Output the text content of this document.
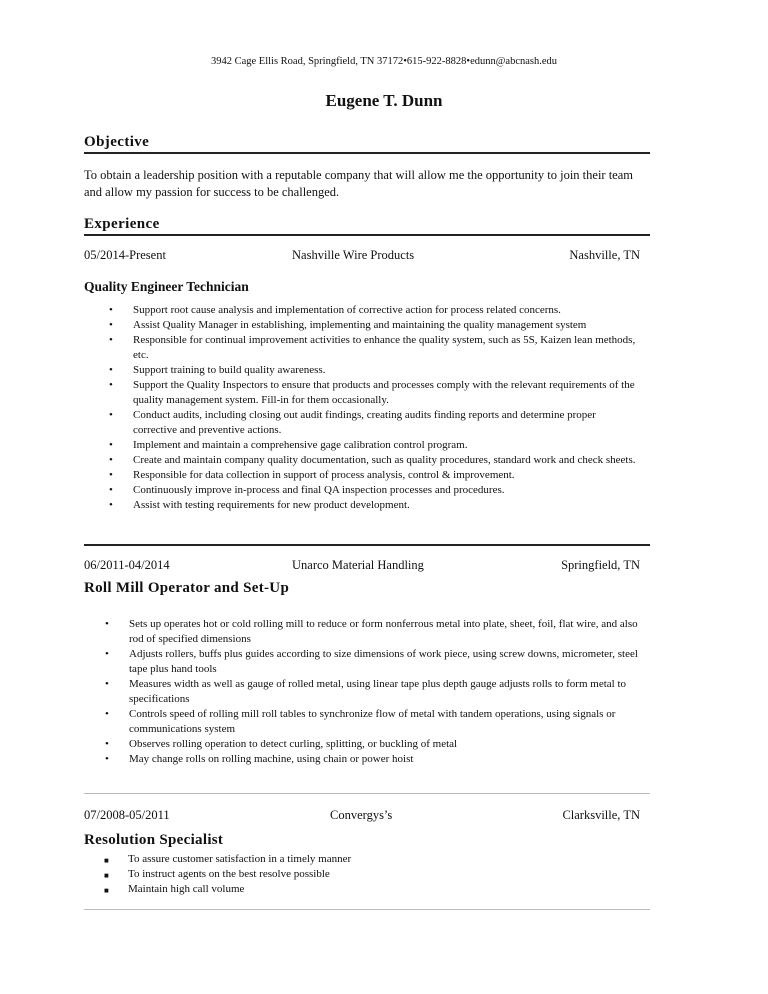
3942 Cage Ellis Road, Springfield, TN 37172•615-922-8828•edunn@abcnash.edu
Eugene T. Dunn
Objective
To obtain a leadership position with a reputable company that will allow me the opportunity to join their team and allow my passion for success to be challenged.
Experience
05/2014-Present	Nashville Wire Products	Nashville, TN
Quality Engineer Technician
• Support root cause analysis and implementation of corrective action for process related concerns.
• Assist Quality Manager in establishing, implementing and maintaining the quality management system
• Responsible for continual improvement activities to enhance the quality system, such as 5S, Kaizen lean methods, etc.
• Support training to build quality awareness.
• Support the Quality Inspectors to ensure that products and processes comply with the relevant requirements of the quality management system. Fill-in for them occasionally.
• Conduct audits, including closing out audit findings, creating audits finding reports and determine proper corrective and preventive actions.
• Implement and maintain a comprehensive gage calibration control program.
• Create and maintain company quality documentation, such as quality procedures, standard work and check sheets.
• Responsible for data collection in support of process analysis, control & improvement.
• Continuously improve in-process and final QA inspection processes and procedures.
• Assist with testing requirements for new product development.
06/2011-04/2014	Unarco Material Handling	Springfield, TN
Roll Mill Operator and Set-Up
• Sets up operates hot or cold rolling mill to reduce or form nonferrous metal into plate, sheet, foil, flat wire, and also rod of specified dimensions
• Adjusts rollers, buffs plus guides according to size dimensions of work piece, using screw downs, micrometer, steel tape plus hand tools
• Measures width as well as gauge of rolled metal, using linear tape plus depth gauge adjusts rolls to form metal to specifications
• Controls speed of rolling mill roll tables to synchronize flow of metal with tandem operations, using signals or communications system
• Observes rolling operation to detect curling, splitting, or buckling of metal
• May change rolls on rolling machine, using chain or power hoist
07/2008-05/2011	Convergys’s	Clarksville, TN
Resolution Specialist
■ To assure customer satisfaction in a timely manner
■ To instruct agents on the best resolve possible
■ Maintain high call volume
